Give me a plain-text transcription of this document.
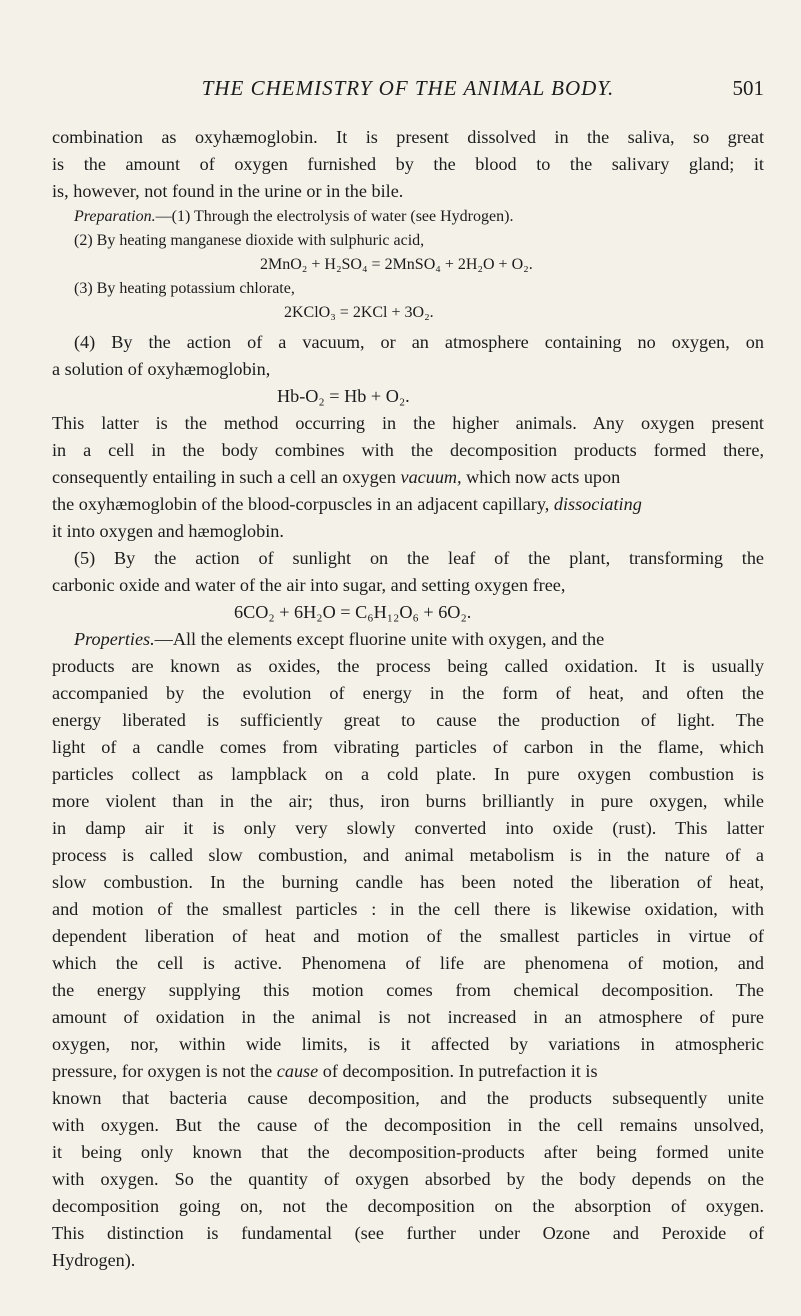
THE CHEMISTRY OF THE ANIMAL BODY.	501
combination as oxyhæmoglobin. It is present dissolved in the saliva, so great
is the amount of oxygen furnished by the blood to the salivary gland; it
is, however, not found in the urine or in the bile.
Preparation.—(1) Through the electrolysis of water (see Hydrogen).
(2) By heating manganese dioxide with sulphuric acid,
2MnO₂ + H₂SO₄ = 2MnSO₄ + 2H₂O + O₂.
(3) By heating potassium chlorate,
2KClO₃ = 2KCl + 3O₂.
(4) By the action of a vacuum, or an atmosphere containing no oxygen, on
a solution of oxyhæmoglobin,
Hb-O₂ = Hb + O₂.
This latter is the method occurring in the higher animals. Any oxygen present
in a cell in the body combines with the decomposition products formed there,
consequently entailing in such a cell an oxygen vacuum, which now acts upon
the oxyhæmoglobin of the blood-corpuscles in an adjacent capillary, dissociating
it into oxygen and hæmoglobin.
(5) By the action of sunlight on the leaf of the plant, transforming the
carbonic oxide and water of the air into sugar, and setting oxygen free,
6CO₂ + 6H₂O = C₆H₁₂O₆ + 6O₂.
Properties.—All the elements except fluorine unite with oxygen, and the
products are known as oxides, the process being called oxidation. It is usually
accompanied by the evolution of energy in the form of heat, and often the
energy liberated is sufficiently great to cause the production of light. The
light of a candle comes from vibrating particles of carbon in the flame, which
particles collect as lampblack on a cold plate. In pure oxygen combustion is
more violent than in the air; thus, iron burns brilliantly in pure oxygen, while
in damp air it is only very slowly converted into oxide (rust). This latter
process is called slow combustion, and animal metabolism is in the nature of a
slow combustion. In the burning candle has been noted the liberation of heat,
and motion of the smallest particles : in the cell there is likewise oxidation, with
dependent liberation of heat and motion of the smallest particles in virtue of
which the cell is active. Phenomena of life are phenomena of motion, and
the energy supplying this motion comes from chemical decomposition. The
amount of oxidation in the animal is not increased in an atmosphere of pure
oxygen, nor, within wide limits, is it affected by variations in atmospheric
pressure, for oxygen is not the cause of decomposition. In putrefaction it is
known that bacteria cause decomposition, and the products subsequently unite
with oxygen. But the cause of the decomposition in the cell remains unsolved,
it being only known that the decomposition-products after being formed unite
with oxygen. So the quantity of oxygen absorbed by the body depends on the
decomposition going on, not the decomposition on the absorption of oxygen.
This distinction is fundamental (see further under Ozone and Peroxide of
Hydrogen).
